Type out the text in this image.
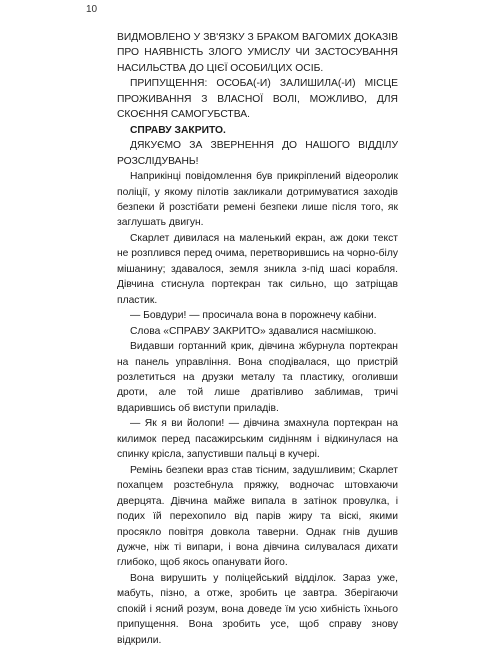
10

ВИДМОВЛЕНО У ЗВ'ЯЗКУ З БРАКОМ ВАГОМИХ ДОКАЗІВ ПРО НАЯВНІСТЬ ЗЛОГО УМИСЛУ ЧИ ЗАСТОСУВАННЯ НАСИЛЬСТВА ДО ЦІЄЇ ОСОБИ/ЦИХ ОСІБ.

ПРИПУЩЕННЯ: ОСОБА(-И) ЗАЛИШИЛА(-И) МІСЦЕ ПРОЖИВАННЯ З ВЛАСНОЇ ВОЛІ, МОЖЛИВО, ДЛЯ СКОЄННЯ САМОГУБСТВА.

СПРАВУ ЗАКРИТО.

ДЯКУЄМО ЗА ЗВЕРНЕННЯ ДО НАШОГО ВІДДІЛУ РОЗСЛІДУВАНЬ!

Наприкінці повідомлення був прикріплений відеоролик поліції, у якому пілотів закликали дотримуватися заходів безпеки й розстібати ремені безпеки лише після того, як заглушать двигун.

Скарлет дивилася на маленький екран, аж доки текст не розплився перед очима, перетворившись на чорно-білу мішанину; здавалося, земля зникла з-під шасі корабля. Дівчина стиснула портекран так сильно, що затріщав пластик.

— Бовдури! — просичала вона в порожнечу кабіни.

Слова «СПРАВУ ЗАКРИТО» здавалися насмішкою.

Видавши гортанний крик, дівчина жбурнула портекран на панель управління. Вона сподівалася, що пристрій розлетиться на друзки металу та пластику, оголивши дроти, але той лише дратівливо заблимав, тричі вдарившись об виступи приладів.

— Як я ви йолопи! — дівчина змахнула портекран на килимок перед пасажирським сидінням і відкинулася на спинку крісла, запустивши пальці в кучері.

Ремінь безпеки враз став тісним, задушливим; Скарлет похапцем розстебнула пряжку, водночас штовхаючи дверцята. Дівчина майже випала в затінок провулка, і подих їй перехопило від парів жиру та віскі, якими просякло повітря довкола таверни. Однак гнів душив дужче, ніж ті випари, і вона дівчина силувалася дихати глибоко, щоб якось опанувати його.

Вона вирушить у поліцейський відділок. Зараз уже, мабуть, пізно, а отже, зробить це завтра. Зберігаючи спокій і ясний розум, вона доведе їм усю хибність їхнього припущення. Вона зробить усе, щоб справу знову відкрили.
